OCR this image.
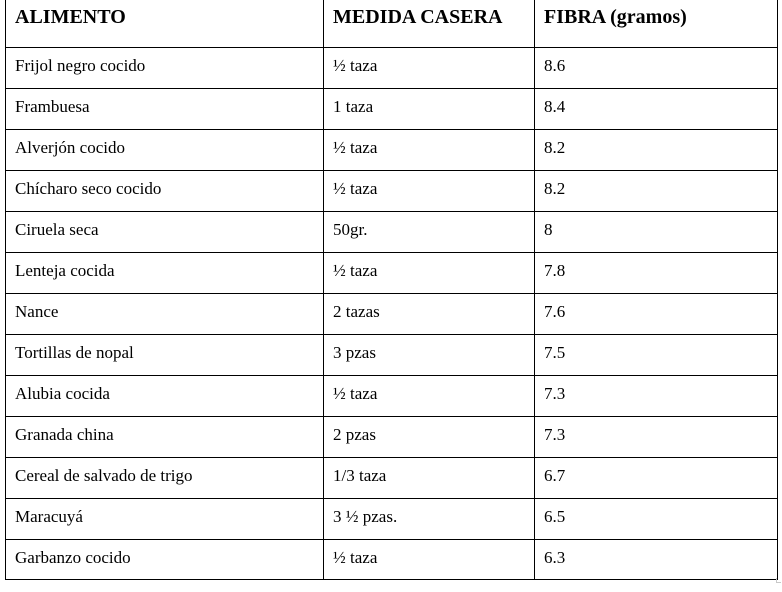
ALIMENTO	MEDIDA CASERA	FIBRA (gramos)
Frijol negro cocido	½ taza	8.6
Frambuesa	1 taza	8.4
Alverjón cocido	½ taza	8.2
Chícharo seco cocido	½ taza	8.2
Ciruela seca	50gr.	8
Lenteja cocida	½ taza	7.8
Nance	2 tazas	7.6
Tortillas de nopal	3 pzas	7.5
Alubia cocida	½ taza	7.3
Granada china	2 pzas	7.3
Cereal de salvado de trigo	1/3 taza	6.7
Maracuyá	3 ½ pzas.	6.5
Garbanzo cocido	½ taza	6.3
